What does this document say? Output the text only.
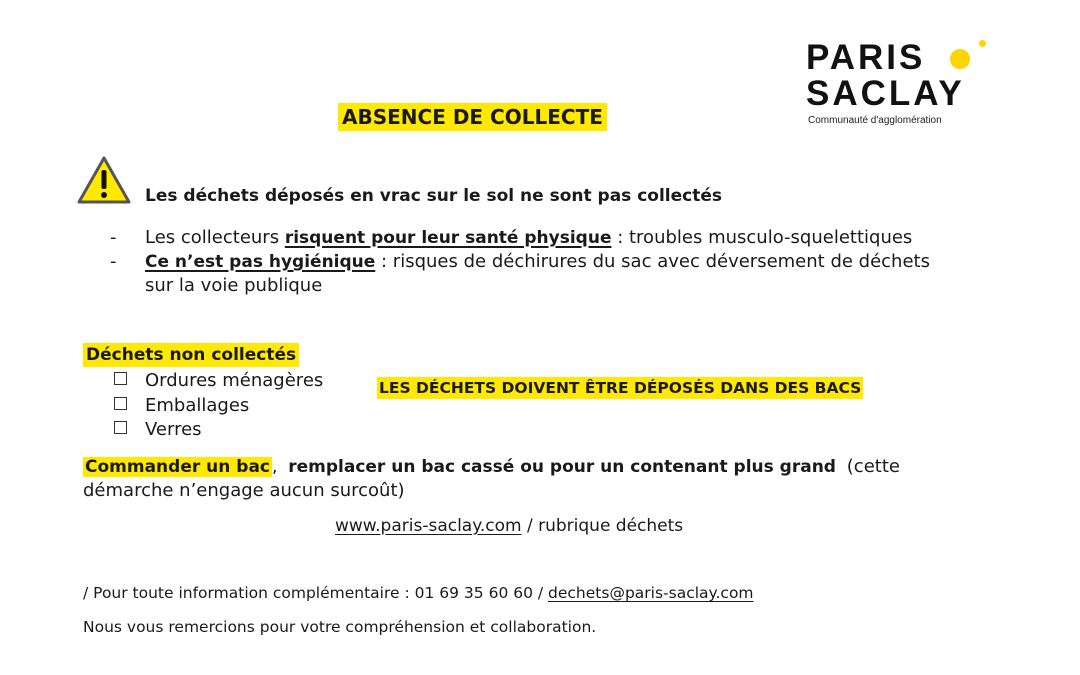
PARIS
SACLAY
Communauté d'agglomération
ABSENCE DE COLLECTE
Les déchets déposés en vrac sur le sol ne sont pas collectés
- Les collecteurs risquent pour leur santé physique : troubles musculo-squelettiques
- Ce n’est pas hygiénique : risques de déchirures du sac avec déversement de déchets sur la voie publique
Déchets non collectés
Ordures ménagères
Emballages
Verres
LES DÉCHETS DOIVENT ÊTRE DÉPOSÉS DANS DES BACS
Commander un bac , remplacer un bac cassé ou pour un contenant plus grand (cette démarche n’engage aucun surcoût)
www.paris-saclay.com / rubrique déchets
/ Pour toute information complémentaire : 01 69 35 60 60 / dechets@paris-saclay.com
Nous vous remercions pour votre compréhension et collaboration.
